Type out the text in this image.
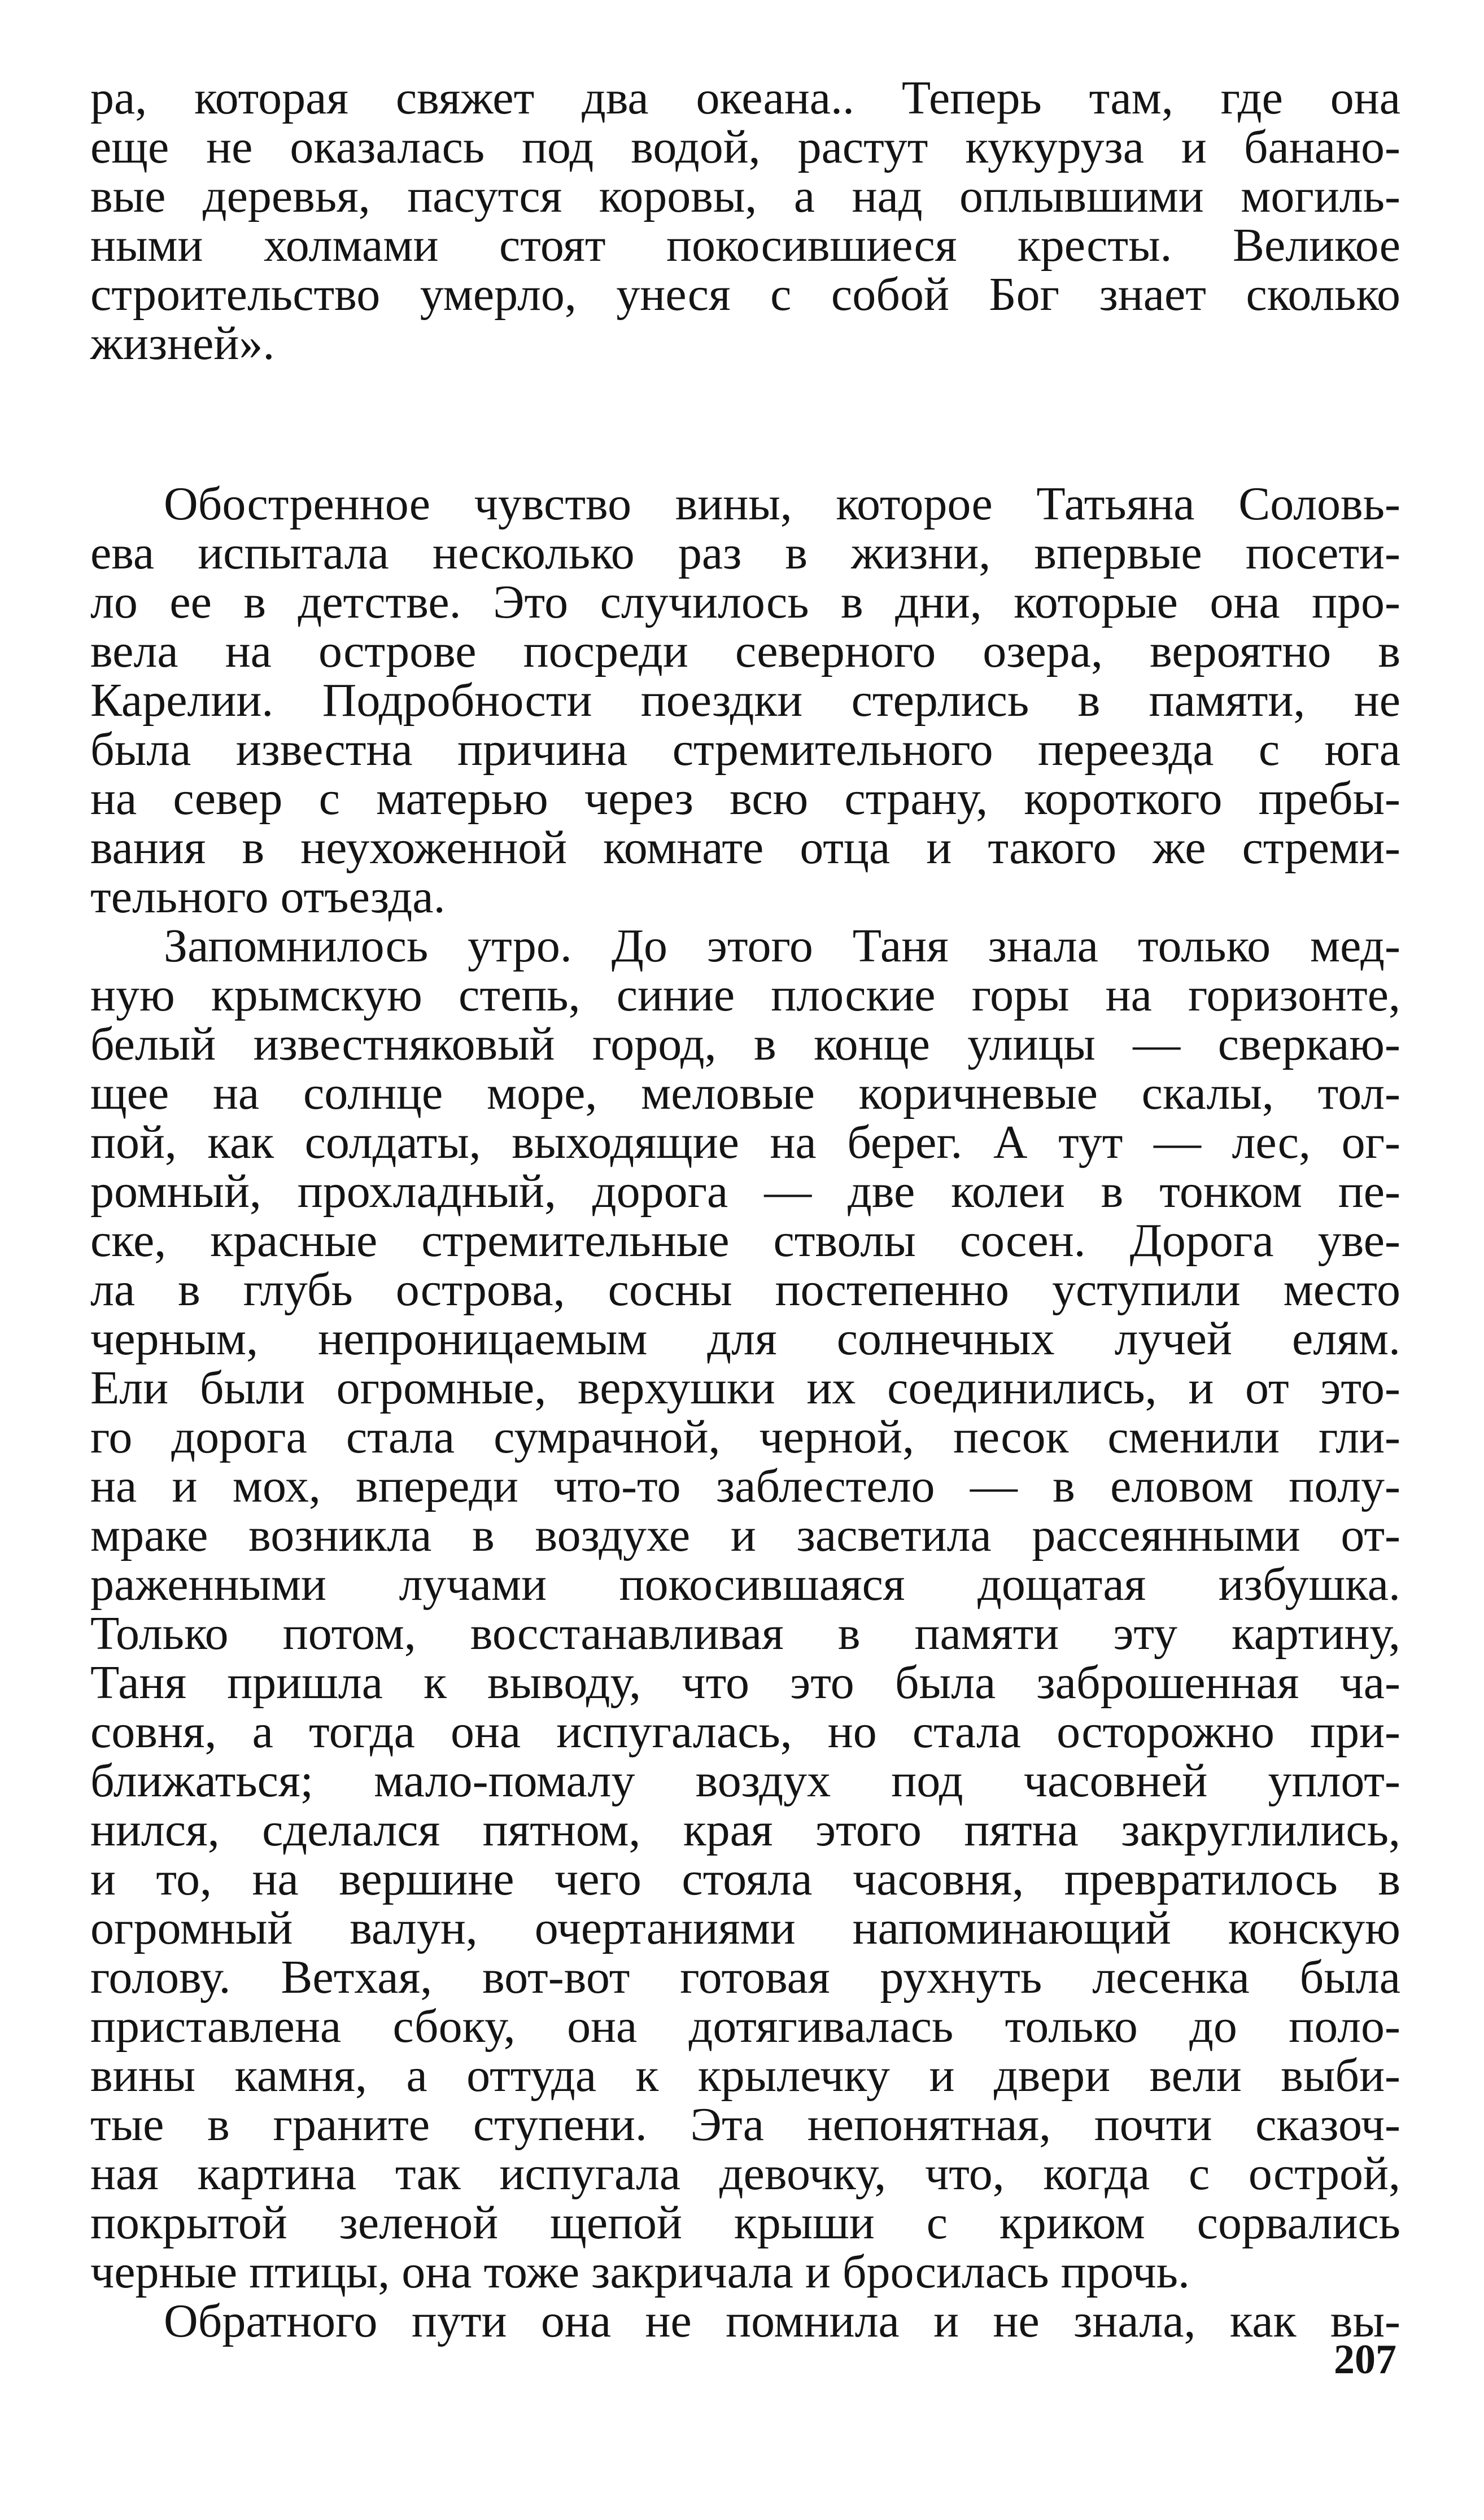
ра, которая свяжет два океана.. Теперь там, где она
еще не оказалась под водой, растут кукуруза и бананo-
вые деревья, пасутся коровы, а над оплывшими могиль-
ными холмами стоят покосившиеся кресты. Великое
строительство умерло, унеся с собой Бог знает сколько
жизней».
Обостренное чувство вины, которое Татьяна Соловь-
ева испытала несколько раз в жизни, впервые посети-
ло ее в детстве. Это случилось в дни, которые она про-
вела на острове посреди северного озера, вероятно в
Карелии. Подробности поездки стерлись в памяти, не
была известна причина стремительного переезда с юга
на север с матерью через всю страну, короткого пребы-
вания в неухоженной комнате отца и такого же стреми-
тельного отъезда.
Запомнилось утро. До этого Таня знала только мед-
ную крымскую степь, синие плоские горы на горизонте,
белый известняковый город, в конце улицы — сверкаю-
щее на солнце море, меловые коричневые скалы, тол-
пой, как солдаты, выходящие на берег. А тут — лес, ог-
ромный, прохладный, дорога — две колеи в тонком пе-
ске, красные стремительные стволы сосен. Дорога уве-
ла в глубь острова, сосны постепенно уступили место
черным, непроницаемым для солнечных лучей елям.
Ели были огромные, верхушки их соединились, и от это-
го дорога стала сумрачной, черной, песок сменили гли-
на и мох, впереди что-то заблестело — в еловом полу-
мраке возникла в воздухе и засветила рассеянными от-
раженными лучами покосившаяся дощатая избушка.
Только потом, восстанавливая в памяти эту картину,
Таня пришла к выводу, что это была заброшенная ча-
совня, а тогда она испугалась, но стала осторожно при-
ближаться; мало-помалу воздух под часовней уплот-
нился, сделался пятном, края этого пятна закруглились,
и то, на вершине чего стояла часовня, превратилось в
огромный валун, очертаниями напоминающий конскую
голову. Ветхая, вот-вот готовая рухнуть лесенка была
приставлена сбоку, она дотягивалась только до поло-
вины камня, а оттуда к крылечку и двери вели выби-
тые в граните ступени. Эта непонятная, почти сказоч-
ная картина так испугала девочку, что, когда с острой,
покрытой зеленой щепой крыши с криком сорвались
черные птицы, она тоже закричала и бросилась прочь.
Обратного пути она не помнила и не знала, как вы-
207
